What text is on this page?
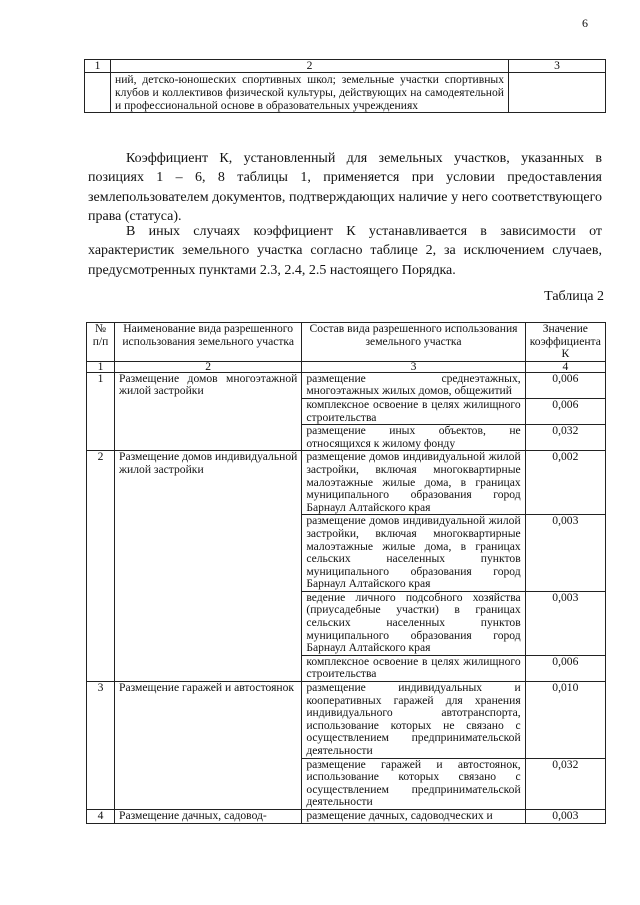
6
1	2	3
	ний, детско-юношеских спортивных школ; земельные участки спортивных клубов и коллективов физической культуры, действующих на самодеятельной и профессиональной основе в образовательных учреждениях	

Коэффициент К, установленный для земельных участков, указанных в позициях 1 – 6, 8 таблицы 1, применяется при условии предоставления землепользователем документов, подтверждающих наличие у него соответствующего права (статуса).

В иных случаях коэффициент К устанавливается в зависимости от характеристик земельного участка согласно таблице 2, за исключением случаев, предусмотренных пунктами 2.3, 2.4, 2.5 настоящего Порядка.

Таблица 2
№ п/п	Наименование вида разрешенного использования земельного участка	Состав вида разрешенного использования земельного участка	Значение коэффициента К
1	2	3	4
1	Размещение домов многоэтажной жилой застройки	размещение среднеэтажных, многоэтажных жилых домов, общежитий	0,006
		комплексное освоение в целях жилищного строительства	0,006
		размещение иных объектов, не относящихся к жилому фонду	0,032
2	Размещение домов индивидуальной жилой застройки	размещение домов индивидуальной жилой застройки, включая многоквартирные малоэтажные жилые дома, в границах муниципального образования город Барнаул Алтайского края	0,002
		размещение домов индивидуальной жилой застройки, включая многоквартирные малоэтажные жилые дома, в границах сельских населенных пунктов муниципального образования город Барнаул Алтайского края	0,003
		ведение личного подсобного хозяйства (приусадебные участки) в границах сельских населенных пунктов муниципального образования город Барнаул Алтайского края	0,003
		комплексное освоение в целях жилищного строительства	0,006
3	Размещение гаражей и автостоянок	размещение индивидуальных и кооперативных гаражей для хранения индивидуального автотранспорта, использование которых не связано с осуществлением предпринимательской деятельности	0,010
		размещение гаражей и автостоянок, использование которых связано с осуществлением предпринимательской деятельности	0,032
4	Размещение дачных, садовод-	размещение дачных, садоводческих и	0,003
